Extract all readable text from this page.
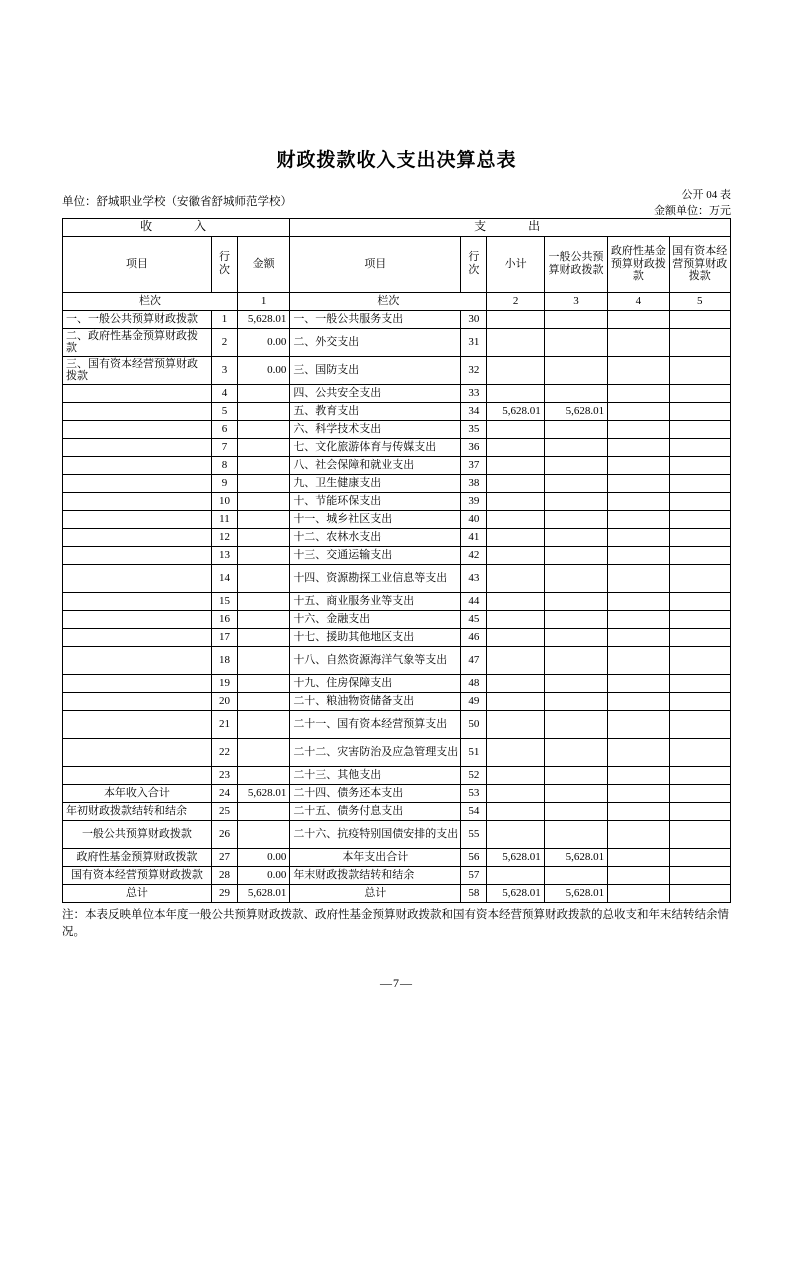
财政拨款收入支出决算总表
公开 04 表
金额单位：万元
单位：舒城职业学校（安徽省舒城师范学校）
收　　入			支　　出					
项目	行次	金额	项目	行次	小计	一般公共预算财政拨款	政府性基金预算财政拨款	国有资本经营预算财政拨款
栏次		1	栏次		2	3	4	5
一、一般公共预算财政拨款	1	5,628.01	一、一般公共服务支出	30				
二、政府性基金预算财政拨款	2	0.00	二、外交支出	31				
三、国有资本经营预算财政拨款	3	0.00	三、国防支出	32				
	4		四、公共安全支出	33				
	5		五、教育支出	34	5,628.01	5,628.01		
	6		六、科学技术支出	35				
	7		七、文化旅游体育与传媒支出	36				
	8		八、社会保障和就业支出	37				
	9		九、卫生健康支出	38				
	10		十、节能环保支出	39				
	11		十一、城乡社区支出	40				
	12		十二、农林水支出	41				
	13		十三、交通运输支出	42				
	14		十四、资源勘探工业信息等支出	43				
	15		十五、商业服务业等支出	44				
	16		十六、金融支出	45				
	17		十七、援助其他地区支出	46				
	18		十八、自然资源海洋气象等支出	47				
	19		十九、住房保障支出	48				
	20		二十、粮油物资储备支出	49				
	21		二十一、国有资本经营预算支出	50				
	22		二十二、灾害防治及应急管理支出	51				
	23		二十三、其他支出	52				
本年收入合计	24	5,628.01	二十四、债务还本支出	53				
年初财政拨款结转和结余	25		二十五、债务付息支出	54				
一般公共预算财政拨款	26		二十六、抗疫特别国债安排的支出	55				
政府性基金预算财政拨款	27	0.00	本年支出合计	56	5,628.01	5,628.01		
国有资本经营预算财政拨款	28	0.00	年末财政拨款结转和结余	57				
总计	29	5,628.01	总计	58	5,628.01	5,628.01		
注：本表反映单位本年度一般公共预算财政拨款、政府性基金预算财政拨款和国有资本经营预算财政拨款的总收支和年末结转结余情况。
—7—
